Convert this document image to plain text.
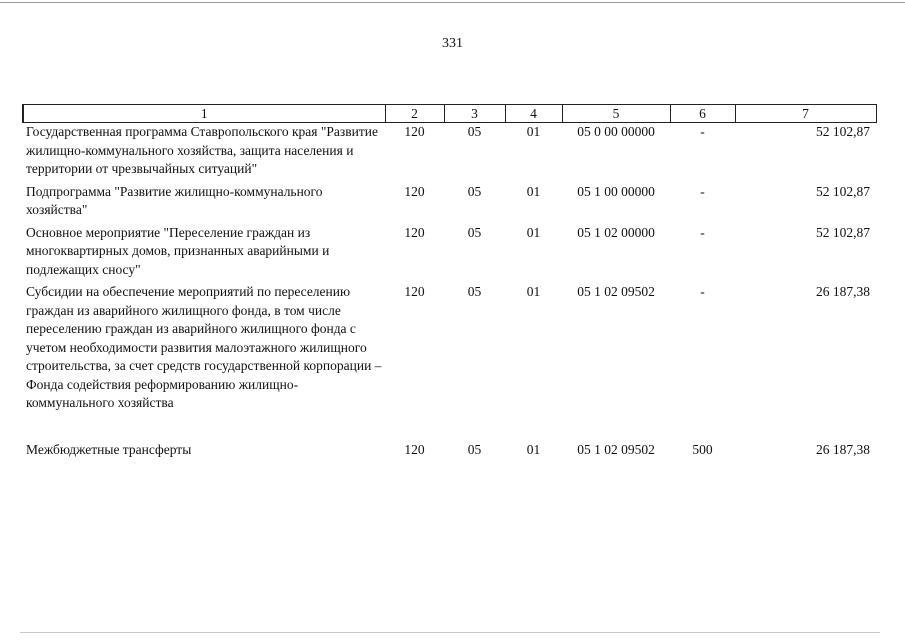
331
1	2	3	4	5	6	7
Государственная программа Ставропольского края "Развитие жилищно-коммунального хозяйства, защита населения и территории от чрезвычайных ситуаций"	120	05	01	05 0 00 00000	-	52 102,87
Подпрограмма "Развитие жилищно-коммунального хозяйства"	120	05	01	05 1 00 00000	-	52 102,87
Основное мероприятие "Переселение граждан из многоквартирных домов, признанных аварийными и подлежащих сносу"	120	05	01	05 1 02 00000	-	52 102,87
Субсидии на обеспечение мероприятий по переселению граждан из аварийного жилищного фонда, в том числе переселению граждан из аварийного жилищного фонда с учетом необходимости развития малоэтажного жилищного строительства, за счет средств государственной корпорации – Фонда содействия реформированию жилищно-коммунального хозяйства	120	05	01	05 1 02 09502	-	26 187,38

Межбюджетные трансферты	120	05	01	05 1 02 09502	500	26 187,38
